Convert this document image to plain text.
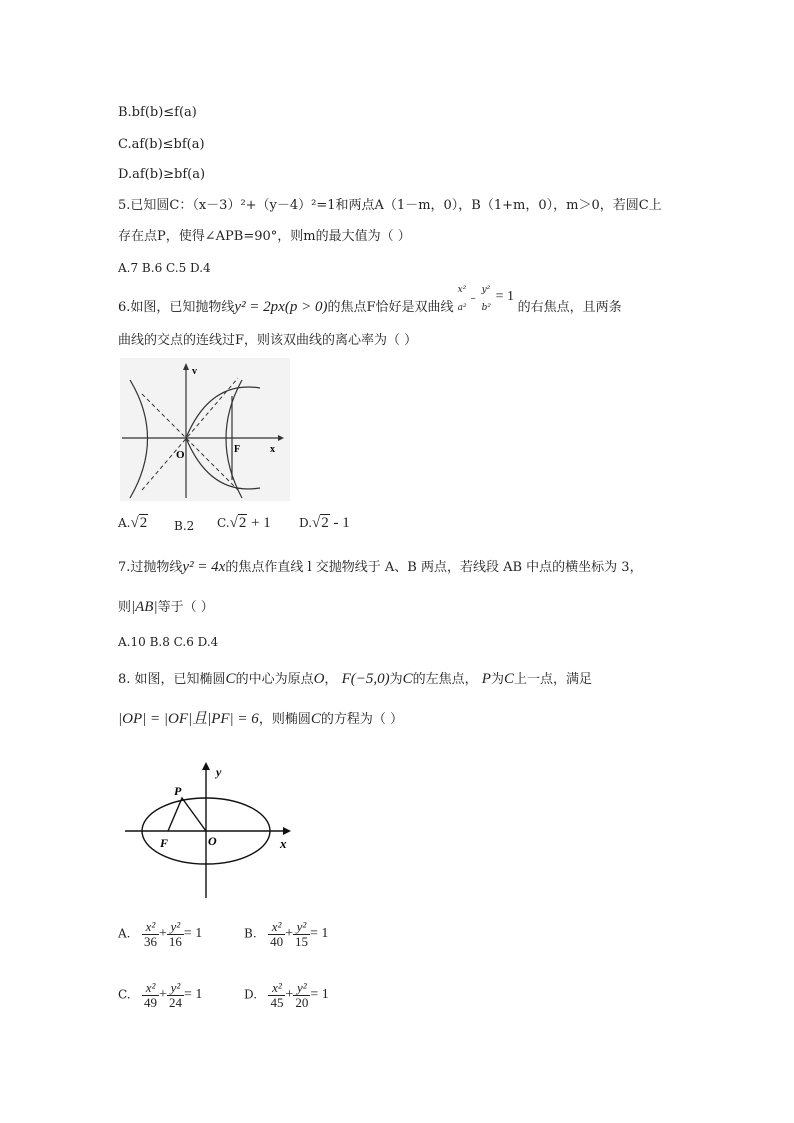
B.bf(b)≤f(a)
C.af(b)≤bf(a)
D.af(b)≥bf(a)
5.已知圆C：（x－3）²+（y－4）²=1和两点A（1－m，0），B（1+m，0），m＞0，若圆C上
存在点P，使得∠APB=90°，则m的最大值为（ ）
A.7 B.6 C.5 D.4
6.如图，已知抛物线y² = 2px(p > 0)的焦点F恰好是双曲线
x²
a²
–
y²
b²
= 1
的右焦点，且两条
曲线的交点的连线过F，则该双曲线的离心率为（ ）
v
x
O	F
A.√2 B.2 C.√2 + 1 D.√2 - 1
7.过抛物线y² = 4x的焦点作直线 l 交抛物线于 A、B 两点，若线段 AB 中点的横坐标为 3，
则|AB|等于（ ）
A.10 B.8 C.6 D.4
8. 如图，已知椭圆C的中心为原点O， F(−5,0)为C的左焦点， P为C上一点，满足
|OP| = |OF|且|PF| = 6，则椭圆C的方程为（ ）
y
x
P
F	O
A. $\frac{\text{x²}}{36} + \frac{\text{y²}}{16} = 1$	B. $\frac{\text{x²}}{40} + \frac{\text{y²}}{15} = 1$
C. $\frac{\text{x²}}{49} + \frac{\text{y²}}{24} = 1$	D. $\frac{\text{x²}}{45} + \frac{\text{y²}}{20} = 1$
